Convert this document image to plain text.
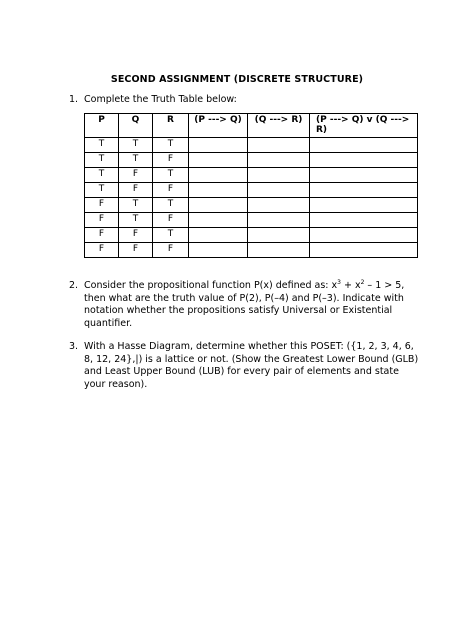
SECOND ASSIGNMENT (DISCRETE STRUCTURE)
1. Complete the Truth Table below:
P	Q	R	(P ---> Q)	(Q ---> R)	(P ---> Q) v (Q ---> R)
T	T	T			
T	T	F			
T	F	T			
T	F	F			
F	T	T			
F	T	F			
F	F	T			
F	F	F			
2. Consider the propositional function P(x) defined as: $x^3 + x^2 - 1 > 5$, then what are the truth value of P(2), P(–4) and P(–3). Indicate with notation whether the propositions satisfy Universal or Existential quantifier.
3. With a Hasse Diagram, determine whether this POSET: ({1, 2, 3, 4, 6, 8, 12, 24},|) is a lattice or not. (Show the Greatest Lower Bound (GLB) and Least Upper Bound (LUB) for every pair of elements and state your reason).
